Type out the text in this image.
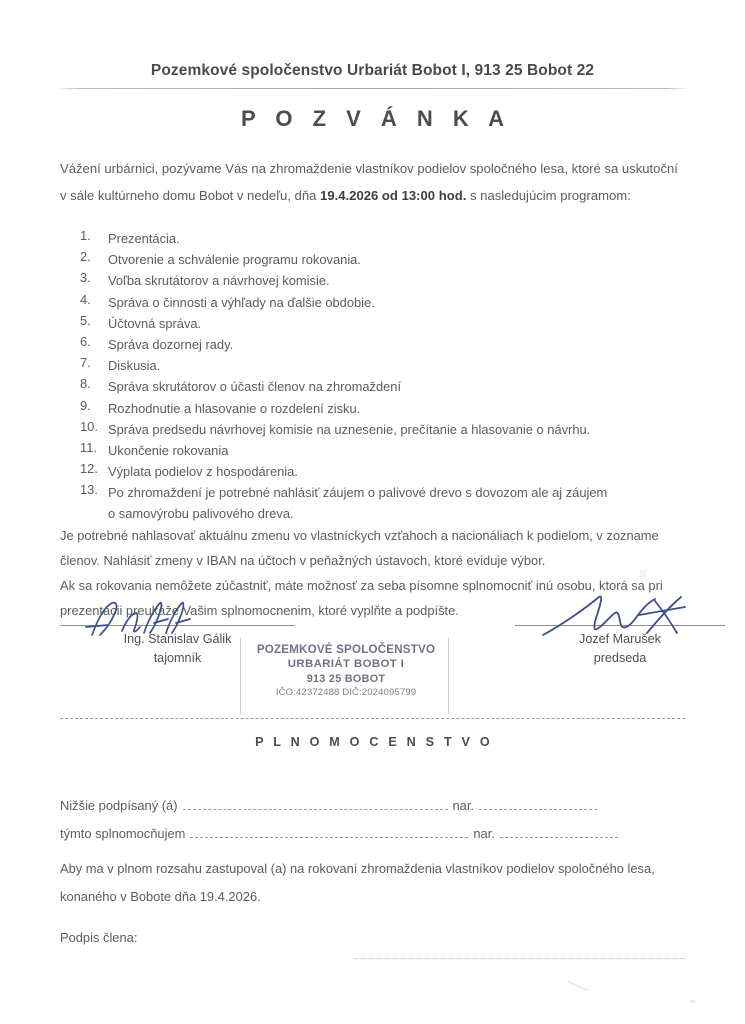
Pozemkové spoločenstvo Urbariát Bobot I, 913 25 Bobot 22
P O Z V Á N K A
Vážení urbárnici, pozývame Vás na zhromaždenie vlastníkov podielov spoločného lesa, ktoré sa uskutoční v sále kultúrneho domu Bobot v nedeľu, dňa 19.4.2026 od 13:00 hod. s nasledujúcim programom:
1.	Prezentácia.
2.	Otvorenie a schválenie programu rokovania.
3.	Voľba skrutátorov a návrhovej komisie.
4.	Správa o činnosti a výhľady na ďalšie obdobie.
5.	Účtovná správa.
6.	Správa dozornej rady.
7.	Diskusia.
8.	Správa skrutátorov o účasti členov na zhromaždení
9.	Rozhodnutie a hlasovanie o rozdelení zisku.
10. Správa predsedu návrhovej komisie na uznesenie, prečítanie a hlasovanie o návrhu.
11. Ukončenie rokovania
12. Výplata podielov z hospodárenia.
13. Po zhromaždení je potrebné nahlásiť záujem o palivové drevo s dovozom ale aj záujem
o samovýrobu palivového dreva.
Je potrebné nahlasovať aktuálnu zmenu vo vlastníckych vzťahoch a nacionáliach k podielom, v zozname členov. Nahlásiť zmeny v IBAN na účtoch v peňažných ústavoch, ktoré eviduje výbor.
Ak sa rokovania nemôžete zúčastniť, máte možnosť za seba písomne splnomocniť inú osobu, ktorá sa pri prezentácii preukáže Vašim splnomocnenim, ktoré vyplňte a podpíšte.
Ing. Stanislav Gálik
tajomník
Jozef Marušek
predseda
POZEMKOVÉ SPOLOČENSTVO
URBARIÁT BOBOT I
913 25 BOBOT
IČO:42372488 DIČ:2024095799
P L N O M O C E N S T V O
Nižšie podpísaný (á)	nar.
týmto splnomocňujem	nar.
Aby ma v plnom rozsahu zastupoval (a) na rokovaní zhromaždenia vlastníkov podielov spoločného lesa, konaného v Bobote dňa 19.4.2026.
Podpis člena:
